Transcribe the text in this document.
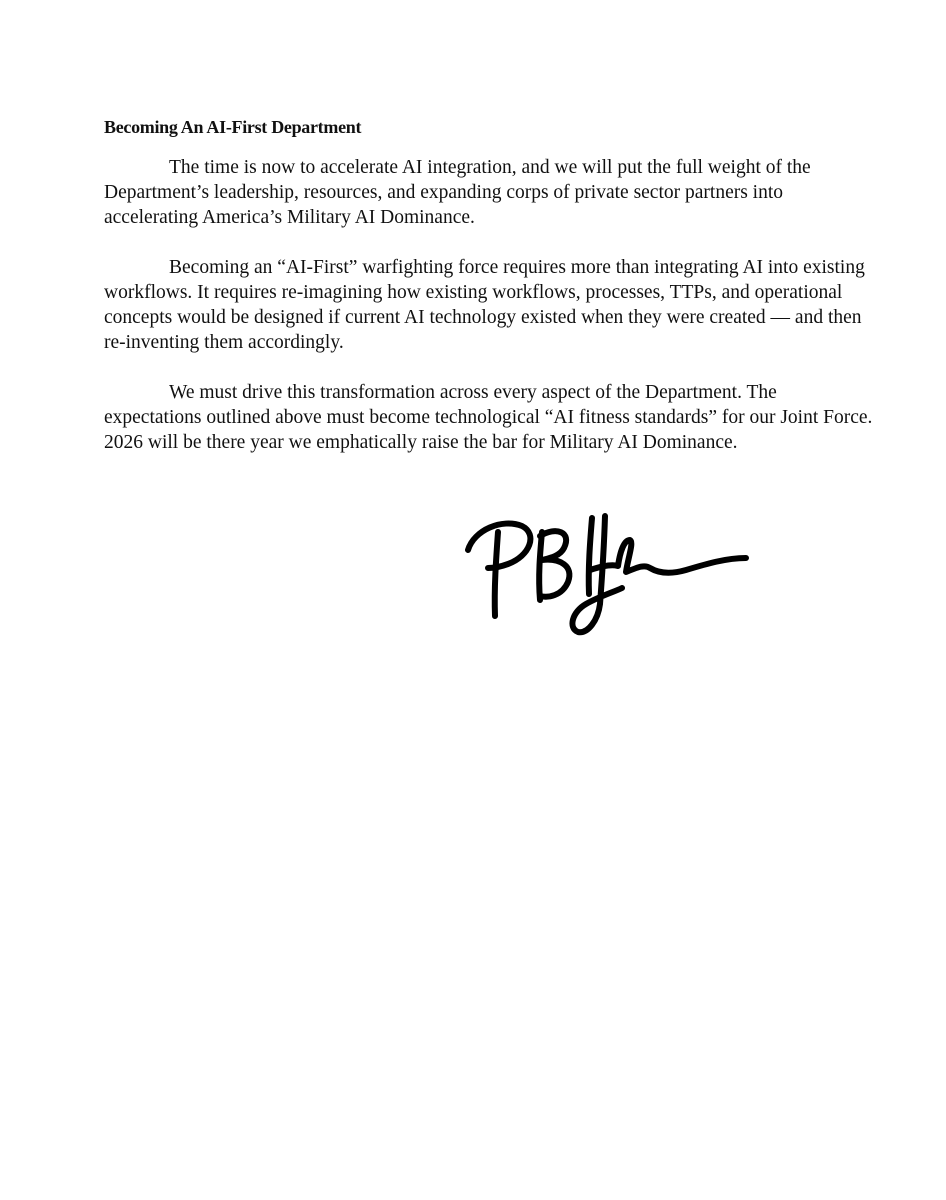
Becoming An AI-First Department

The time is now to accelerate AI integration, and we will put the full weight of the Department’s leadership, resources, and expanding corps of private sector partners into accelerating America’s Military AI Dominance.

Becoming an “AI-First” warfighting force requires more than integrating AI into existing workflows. It requires re-imagining how existing workflows, processes, TTPs, and operational concepts would be designed if current AI technology existed when they were created — and then re-inventing them accordingly.

We must drive this transformation across every aspect of the Department. The expectations outlined above must become technological “AI fitness standards” for our Joint Force. 2026 will be there year we emphatically raise the bar for Military AI Dominance.
